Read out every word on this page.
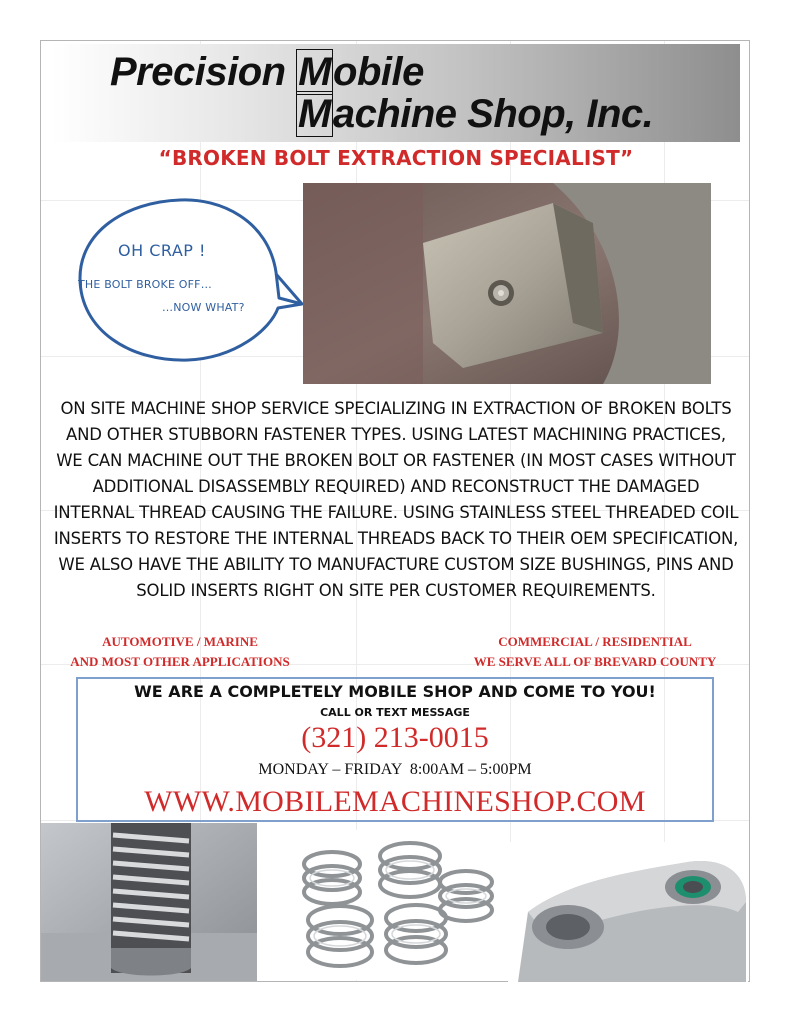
Precision Mobile
Machine Shop, Inc.
“BROKEN BOLT EXTRACTION SPECIALIST”
OH CRAP !
THE BOLT BROKE OFF…
…NOW WHAT?
ON SITE MACHINE SHOP SERVICE SPECIALIZING IN EXTRACTION OF BROKEN BOLTS AND OTHER STUBBORN FASTENER TYPES. USING LATEST MACHINING PRACTICES, WE CAN MACHINE OUT THE BROKEN BOLT OR FASTENER (IN MOST CASES WITHOUT ADDITIONAL DISASSEMBLY REQUIRED) AND RECONSTRUCT THE DAMAGED INTERNAL THREAD CAUSING THE FAILURE. USING STAINLESS STEEL THREADED COIL INSERTS TO RESTORE THE INTERNAL THREADS BACK TO THEIR OEM SPECIFICATION, WE ALSO HAVE THE ABILITY TO MANUFACTURE CUSTOM SIZE BUSHINGS, PINS AND SOLID INSERTS RIGHT ON SITE PER CUSTOMER REQUIREMENTS.
AUTOMOTIVE / MARINE
AND MOST OTHER APPLICATIONS
COMMERCIAL / RESIDENTIAL
WE SERVE ALL OF BREVARD COUNTY
WE ARE A COMPLETELY MOBILE SHOP AND COME TO YOU!
CALL OR TEXT MESSAGE
(321) 213-0015
MONDAY – FRIDAY  8:00AM – 5:00PM
WWW.MOBILEMACHINESHOP.COM
